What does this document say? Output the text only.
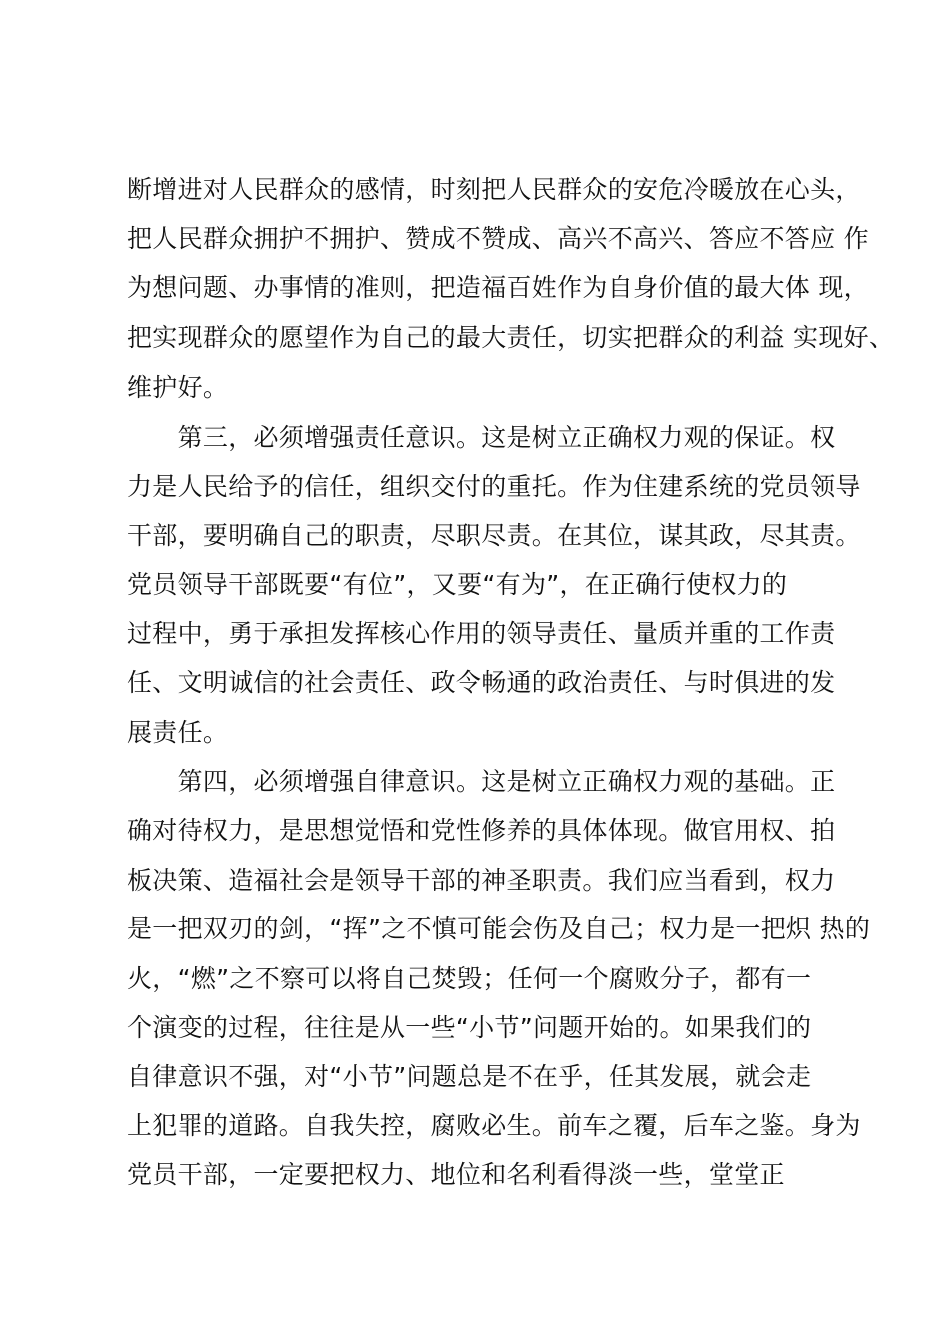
断增进对人民群众的感情，时刻把人民群众的安危冷暖放在心头，
把人民群众拥护不拥护、赞成不赞成、高兴不高兴、答应不答应 作
为想问题、办事情的准则，把造福百姓作为自身价值的最大体 现，
把实现群众的愿望作为自己的最大责任，切实把群众的利益 实现好、
维护好。
　　第三，必须增强责任意识。这是树立正确权力观的保证。权
力是人民给予的信任，组织交付的重托。作为住建系统的党员领导
干部，要明确自己的职责，尽职尽责。在其位，谋其政，尽其责。
党员领导干部既要“有位”，又要“有为”，在正确行使权力的
过程中，勇于承担发挥核心作用的领导责任、量质并重的工作责
任、文明诚信的社会责任、政令畅通的政治责任、与时俱进的发
展责任。
　　第四，必须增强自律意识。这是树立正确权力观的基础。正
确对待权力，是思想觉悟和党性修养的具体体现。做官用权、拍
板决策、造福社会是领导干部的神圣职责。我们应当看到，权力
是一把双刃的剑，“挥”之不慎可能会伤及自己；权力是一把炽 热的
火，“燃”之不察可以将自己焚毁；任何一个腐败分子，都有一
个演变的过程，往往是从一些“小节”问题开始的。如果我们的
自律意识不强，对“小节”问题总是不在乎，任其发展，就会走
上犯罪的道路。自我失控，腐败必生。前车之覆，后车之鉴。身为
党员干部，一定要把权力、地位和名利看得淡一些，堂堂正
